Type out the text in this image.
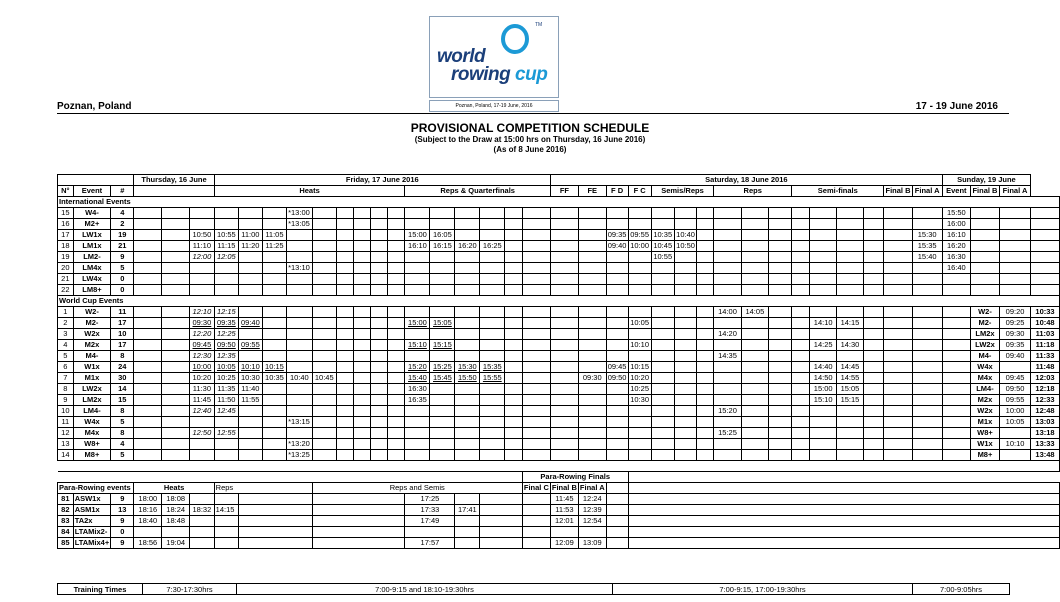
TM
world
rowing cup
Poznan, Poland, 17-19 June, 2016
Poznan, Poland	17 - 19 June 2016
PROVISIONAL COMPETITION SCHEDULE
(Subject to the Draw at 15:00 hrs on Thursday, 16 June 2016)
(As of 8 June 2016)
			Thursday, 16 June			Friday, 17 June 2016															Saturday, 18 June 2016																Sunday, 19 June			
N°	Event	#				Heats									Reps & Quarterfinals						FF	FE	F D	F C	Semis/Reps			Reps			Semi-finals				Final B	Final A	Event	Final B	Final A	
International Events																																								
15	W4-	4							*13:00																												15:50			
16	M2+	2							*13:05																												16:00			
17	LW1x	19			10:50	10:55	11:00	11:05							15:00	16:05							09:35	09:55	10:35	10:40										15:30	16:10			
18	LM1x	21			11:10	11:15	11:20	11:25							16:10	16:15	16:20	16:25					09:40	10:00	10:45	10:50										15:35	16:20			
19	LM2-	9			12:00	12:05																			10:55											15:40	16:30			
20	LM4x	5							*13:10																												16:40			
21	LW4x	0																																						
22	LM8+	0																																						
World Cup Events																																								
1	W2-	11			12:10	12:15																						14:00	14:05									W2-	09:20	10:33
2	M2-	17			09:30	09:35	09:40								15:00	15:05								10:05								14:10	14:15					M2-	09:25	10:48
3	W2x	10			12:20	12:25																						14:20										LM2x	09:30	11:03
4	M2x	17			09:45	09:50	09:55								15:10	15:15								10:10								14:25	14:30					LW2x	09:35	11:18
5	M4-	8			12:30	12:35																						14:35										M4-	09:40	11:33
6	W1x	24			10:00	10:05	10:10	10:15							15:20	15:25	15:30	15:35					09:45	10:15								14:40	14:45					W4x		11:48
7	M1x	30			10:20	10:25	10:30	10:35	10:40	10:45					15:40	15:45	15:50	15:55				09:30	09:50	10:20								14:50	14:55					M4x	09:45	12:03
8	LW2x	14			11:30	11:35	11:40								16:30									10:25								15:00	15:05					LM4-	09:50	12:18
9	LM2x	15			11:45	11:50	11:55								16:35									10:30								15:10	15:15					M2x	09:55	12:33
10	LM4-	8			12:40	12:45																						15:20										W2x	10:00	12:48
11	W4x	5							*13:15																													M1x	10:05	13:03
12	M4x	8			12:50	12:55																						15:25										W8+		13:18
13	W8+	4							*13:20																													W1x	10:10	13:33
14	M8+	5							*13:25																													M8+		13:48

																				Para-Rowing Finals																				
Para-Rowing events			Heats			Reps				Reps and Semis										Final C	Final B	Final A																		
81	ASW1x	9	18:00	18:08											17:25						11:45	12:24																		
82	ASM1x	13	18:16	18:24	18:32	14:15									17:33		17:41				11:53	12:39																		
83	TA2x	9	18:40	18:48											17:49						12:01	12:54																		
84	LTAMix2-	0																																						
85	LTAMix4+	9	18:56	19:04											17:57						12:09	13:09																		
Training Times	7:30-17:30hrs	7:00-9:15 and 18:10-19:30hrs	7:00-9:15, 17:00-19:30hrs	7:00-9:05hrs
